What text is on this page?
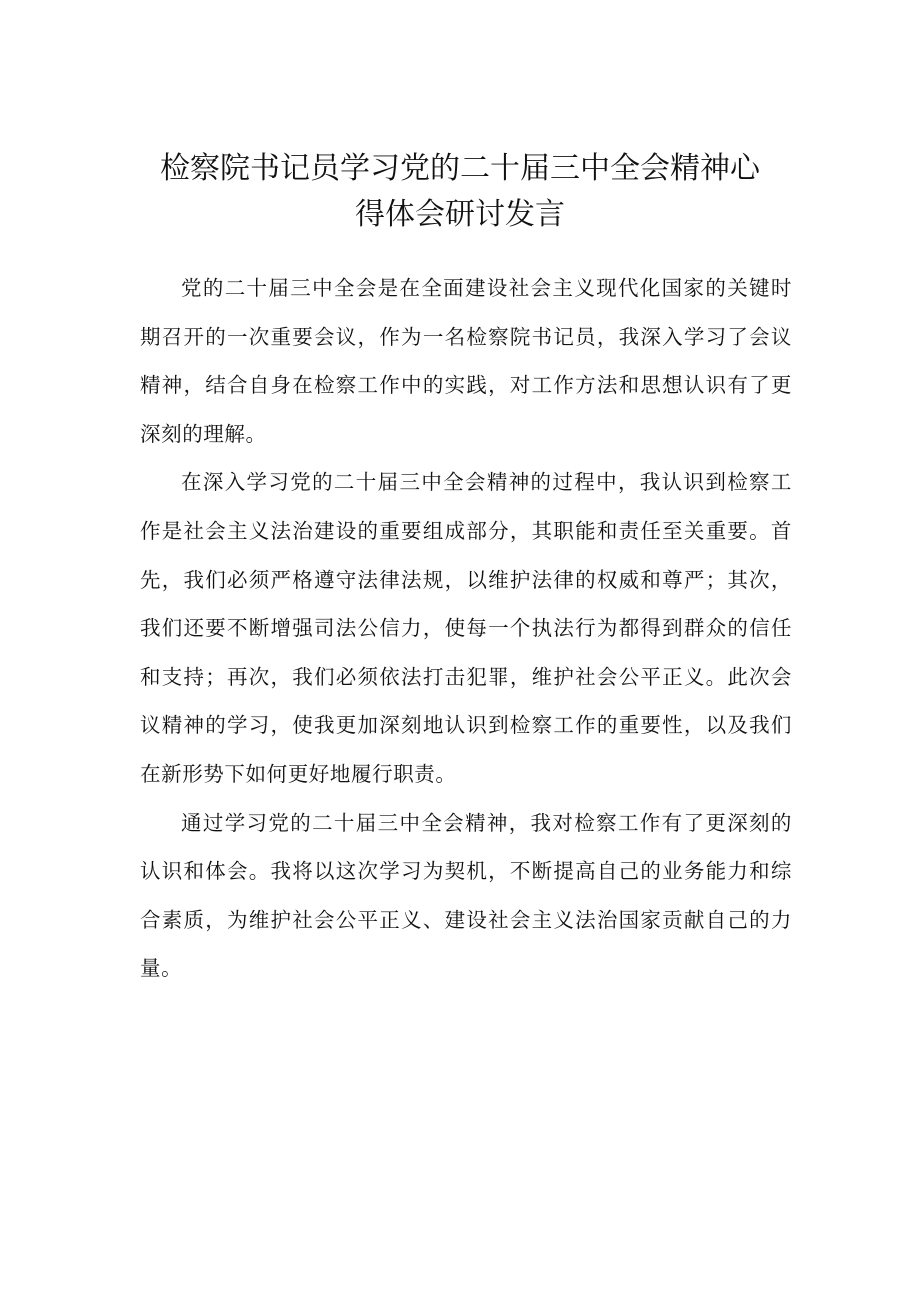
检察院书记员学习党的二十届三中全会精神心
得体会研讨发言

党的二十届三中全会是在全面建设社会主义现代化国家的关键时期召开的一次重要会议，作为一名检察院书记员，我深入学习了会议精神，结合自身在检察工作中的实践，对工作方法和思想认识有了更深刻的理解。

在深入学习党的二十届三中全会精神的过程中，我认识到检察工作是社会主义法治建设的重要组成部分，其职能和责任至关重要。首先，我们必须严格遵守法律法规，以维护法律的权威和尊严；其次，我们还要不断增强司法公信力，使每一个执法行为都得到群众的信任和支持；再次，我们必须依法打击犯罪，维护社会公平正义。此次会议精神的学习，使我更加深刻地认识到检察工作的重要性，以及我们在新形势下如何更好地履行职责。

通过学习党的二十届三中全会精神，我对检察工作有了更深刻的认识和体会。我将以这次学习为契机，不断提高自己的业务能力和综合素质，为维护社会公平正义、建设社会主义法治国家贡献自己的力量。
